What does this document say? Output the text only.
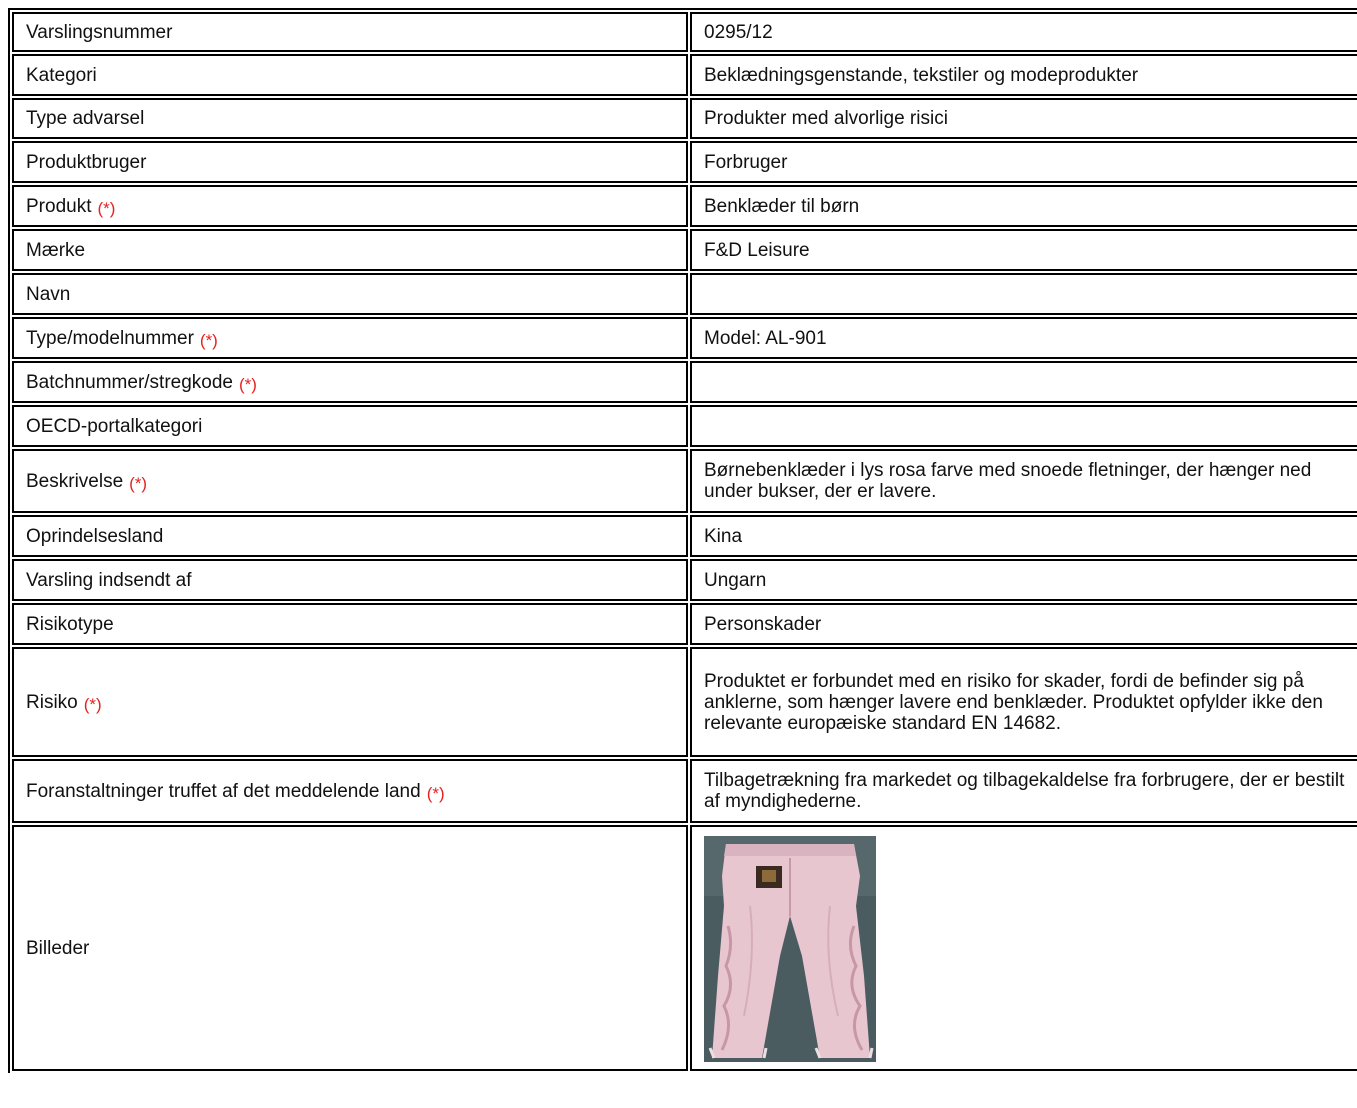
Varslingsnummer	0295/12
Kategori	Beklædningsgenstande, tekstiler og modeprodukter
Type advarsel	Produkter med alvorlige risici
Produktbruger	Forbruger
Produkt (*)	Benklæder til børn
Mærke	F&D Leisure
Navn	
Type/modelnummer (*)	Model: AL-901
Batchnummer/stregkode (*)	
OECD-portalkategori	
Beskrivelse (*)	Børnebenklæder i lys rosa farve med snoede fletninger, der hænger ned under bukser, der er lavere.
Oprindelsesland	Kina
Varsling indsendt af	Ungarn
Risikotype	Personskader
Risiko (*)	Produktet er forbundet med en risiko for skader, fordi de befinder sig på anklerne, som hænger lavere end benklæder. Produktet opfylder ikke den relevante europæiske standard EN 14682.
Foranstaltninger truffet af det meddelende land (*)	Tilbagetrækning fra markedet og tilbagekaldelse fra forbrugere, der er bestilt af myndighederne.
Billeder	
